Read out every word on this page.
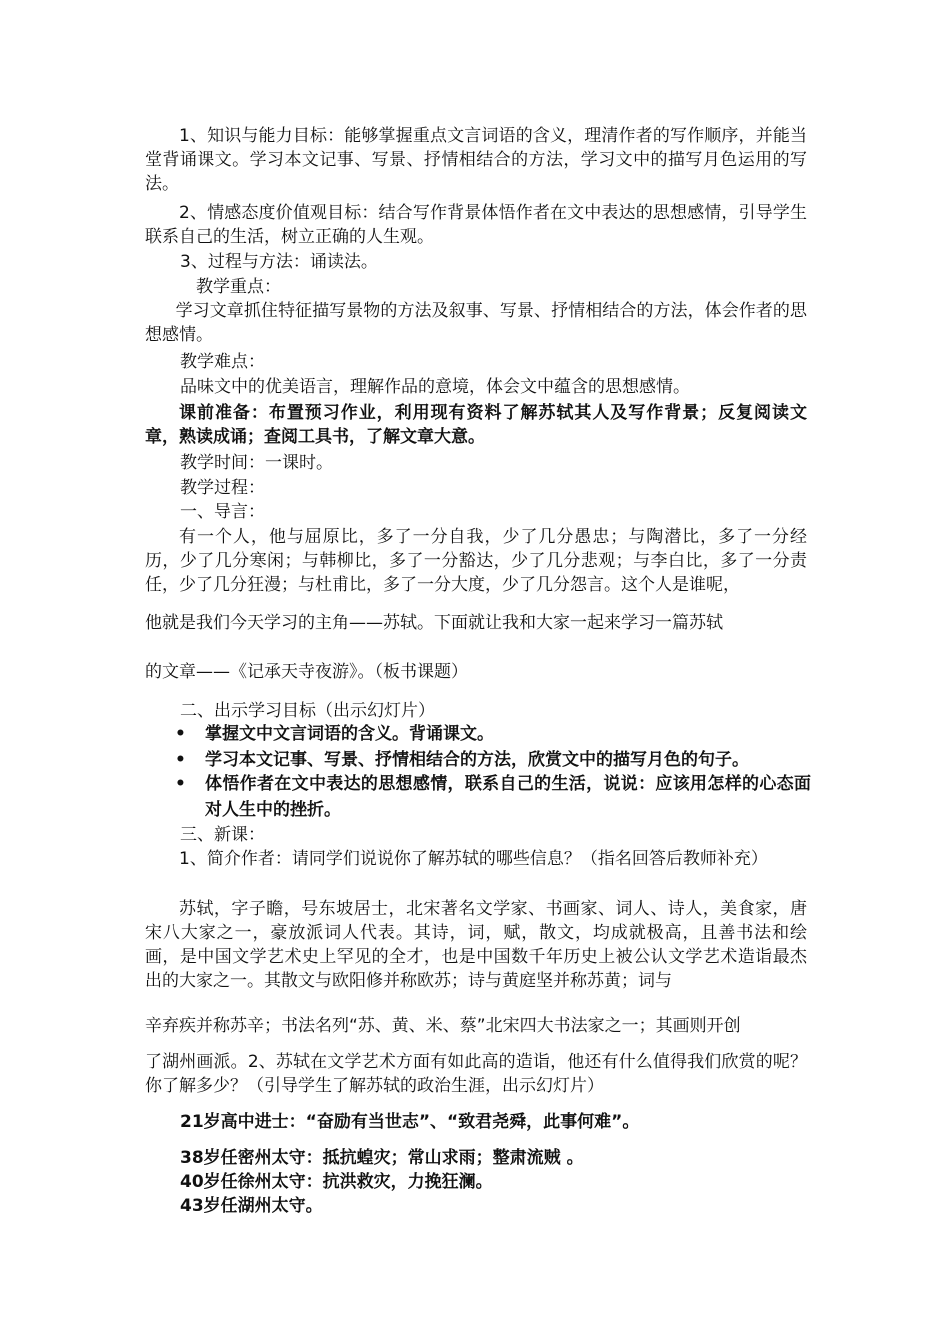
1、知识与能力目标：能够掌握重点文言词语的含义，理清作者的写作顺序，并能当堂背诵课文。学习本文记事、写景、抒情相结合的方法，学习文中的描写月色运用的写法。

2、情感态度价值观目标：结合写作背景体悟作者在文中表达的思想感情，引导学生联系自己的生活，树立正确的人生观。

3、过程与方法：诵读法。

教学重点：

学习文章抓住特征描写景物的方法及叙事、写景、抒情相结合的方法，体会作者的思想感情。

教学难点：

品味文中的优美语言，理解作品的意境，体会文中蕴含的思想感情。

课前准备：布置预习作业，利用现有资料了解苏轼其人及写作背景；反复阅读文章，熟读成诵；查阅工具书，了解文章大意。

教学时间：一课时。

教学过程：

一、导言：

有一个人，他与屈原比，多了一分自我，少了几分愚忠；与陶潜比，多了一分经历，少了几分寒闲；与韩柳比，多了一分豁达，少了几分悲观；与李白比，多了一分责任，少了几分狂漫；与杜甫比，多了一分大度，少了几分怨言。这个人是谁呢，

他就是我们今天学习的主角——苏轼。下面就让我和大家一起来学习一篇苏轼

的文章——《记承天寺夜游》。（板书课题）

二、出示学习目标（出示幻灯片）

• 掌握文中文言词语的含义。背诵课文。

• 学习本文记事、写景、抒情相结合的方法，欣赏文中的描写月色的句子。

• 体悟作者在文中表达的思想感情，联系自己的生活，说说：应该用怎样的心态面对人生中的挫折。

三、新课：

1、简介作者：请同学们说说你了解苏轼的哪些信息？（指名回答后教师补充）

苏轼，字子瞻，号东坡居士，北宋著名文学家、书画家、词人、诗人，美食家，唐宋八大家之一，豪放派词人代表。其诗，词，赋，散文，均成就极高，且善书法和绘画，是中国文学艺术史上罕见的全才，也是中国数千年历史上被公认文学艺术造诣最杰出的大家之一。其散文与欧阳修并称欧苏；诗与黄庭坚并称苏黄；词与

辛弃疾并称苏辛；书法名列“苏、黄、米、蔡”北宋四大书法家之一；其画则开创

了湖州画派。2、苏轼在文学艺术方面有如此高的造诣，他还有什么值得我们欣赏的呢？你了解多少？（引导学生了解苏轼的政治生涯，出示幻灯片）

21岁高中进士：“奋励有当世志”、“致君尧舜，此事何难”。

38岁任密州太守：抵抗蝗灾；常山求雨；整肃流贼 。

40岁任徐州太守：抗洪救灾，力挽狂澜。

43岁任湖州太守。
